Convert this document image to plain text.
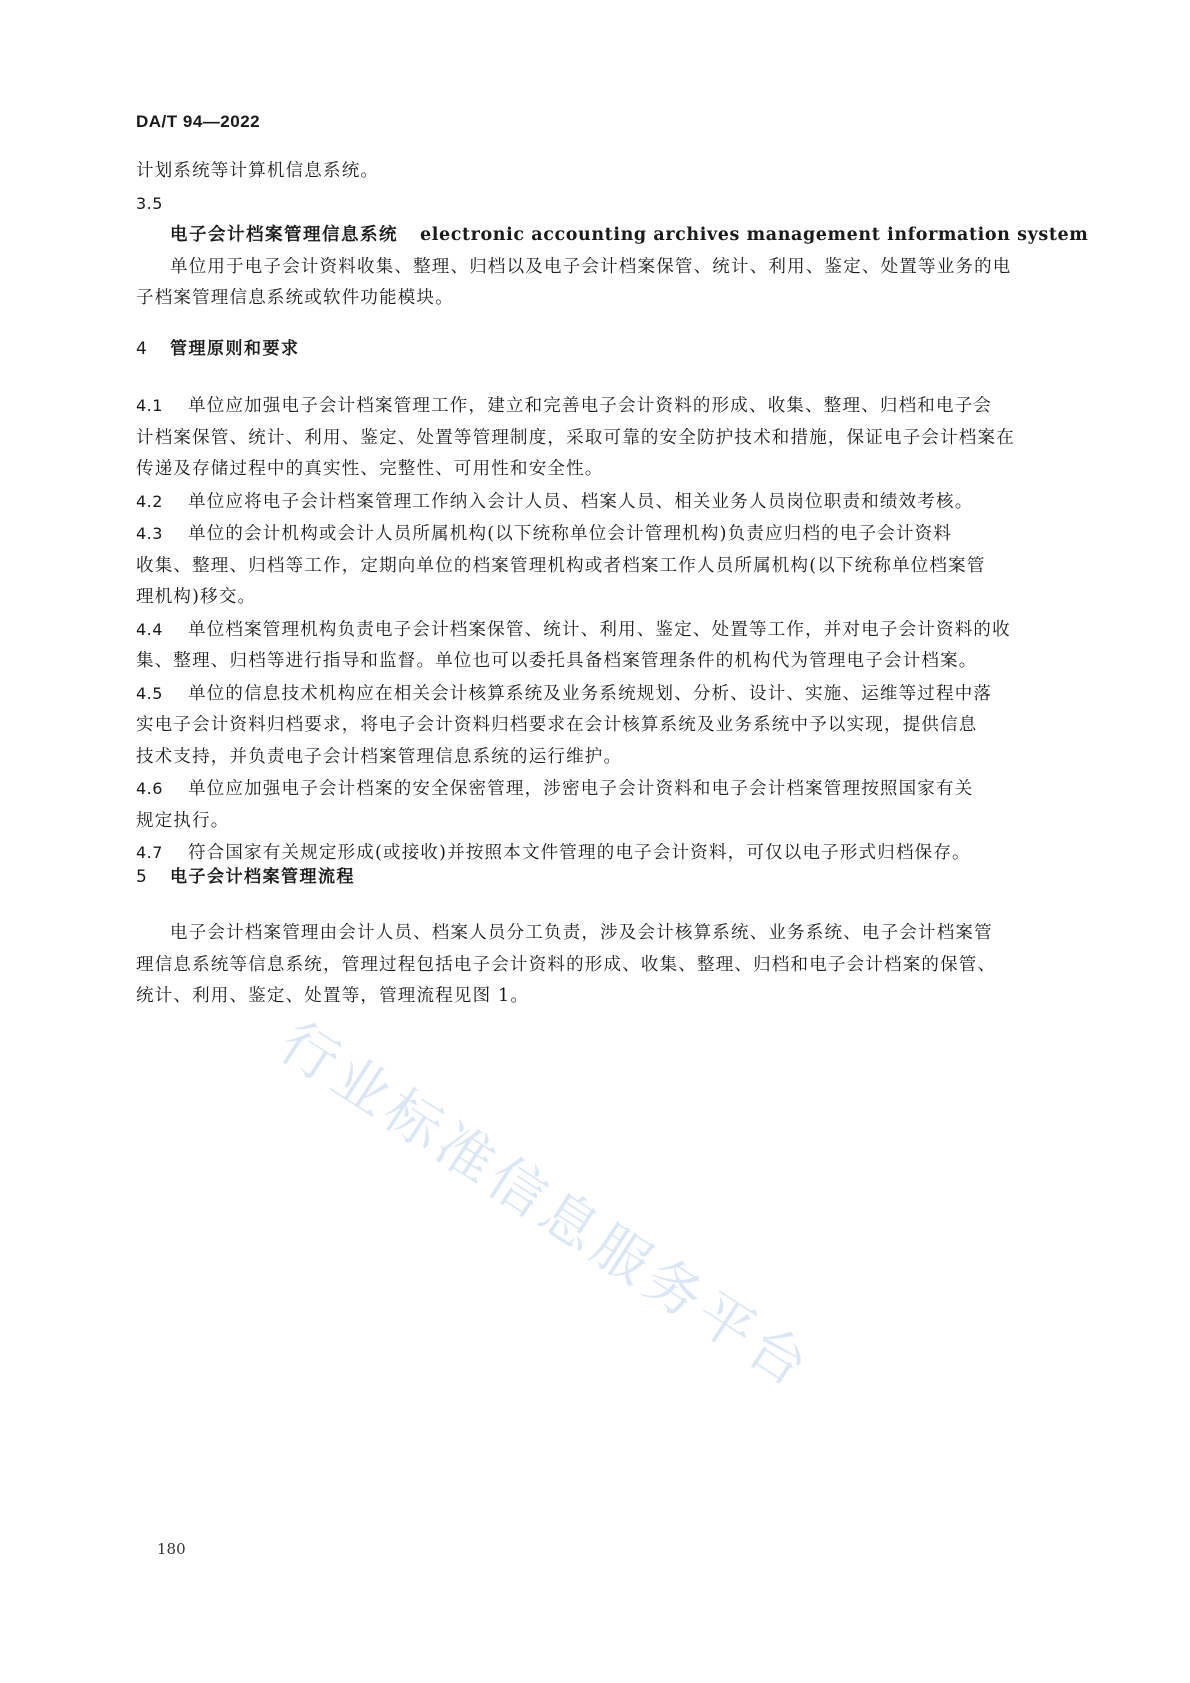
DA/T 94—2022
计划系统等计算机信息系统。
3.5
电子会计档案管理信息系统 electronic accounting archives management information system
单位用于电子会计资料收集、整理、归档以及电子会计档案保管、统计、利用、鉴定、处置等业务的电
子档案管理信息系统或软件功能模块。
4 管理原则和要求
4.1 单位应加强电子会计档案管理工作，建立和完善电子会计资料的形成、收集、整理、归档和电子会
计档案保管、统计、利用、鉴定、处置等管理制度，采取可靠的安全防护技术和措施，保证电子会计档案在
传递及存储过程中的真实性、完整性、可用性和安全性。
4.2 单位应将电子会计档案管理工作纳入会计人员、档案人员、相关业务人员岗位职责和绩效考核。
4.3 单位的会计机构或会计人员所属机构(以下统称单位会计管理机构)负责应归档的电子会计资料
收集、整理、归档等工作，定期向单位的档案管理机构或者档案工作人员所属机构(以下统称单位档案管
理机构)移交。
4.4 单位档案管理机构负责电子会计档案保管、统计、利用、鉴定、处置等工作，并对电子会计资料的收
集、整理、归档等进行指导和监督。单位也可以委托具备档案管理条件的机构代为管理电子会计档案。
4.5 单位的信息技术机构应在相关会计核算系统及业务系统规划、分析、设计、实施、运维等过程中落
实电子会计资料归档要求，将电子会计资料归档要求在会计核算系统及业务系统中予以实现，提供信息
技术支持，并负责电子会计档案管理信息系统的运行维护。
4.6 单位应加强电子会计档案的安全保密管理，涉密电子会计资料和电子会计档案管理按照国家有关
规定执行。
4.7 符合国家有关规定形成(或接收)并按照本文件管理的电子会计资料，可仅以电子形式归档保存。
5 电子会计档案管理流程
电子会计档案管理由会计人员、档案人员分工负责，涉及会计核算系统、业务系统、电子会计档案管
理信息系统等信息系统，管理过程包括电子会计资料的形成、收集、整理、归档和电子会计档案的保管、
统计、利用、鉴定、处置等，管理流程见图 1。
行业标准信息服务平台
180
